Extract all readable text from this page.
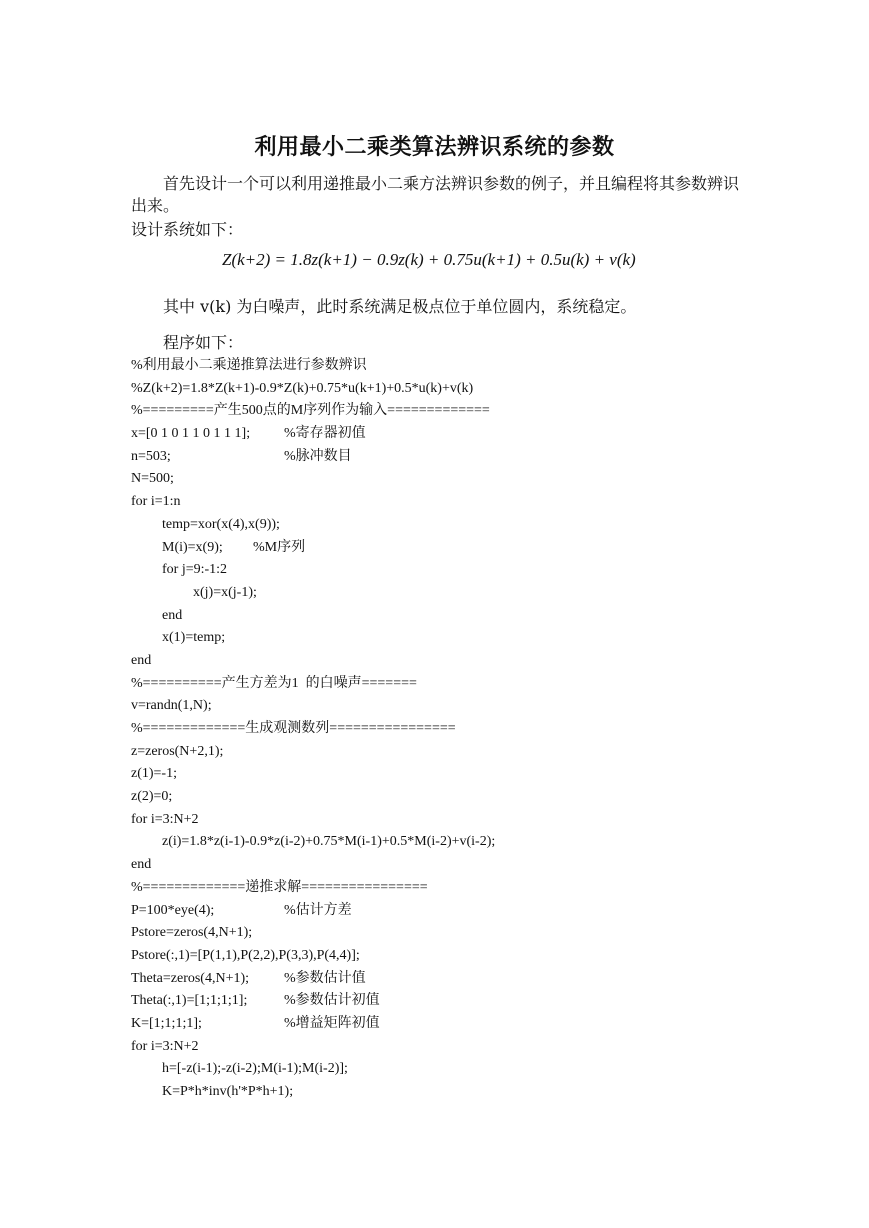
利用最小二乘类算法辨识系统的参数
首先设计一个可以利用递推最小二乘方法辨识参数的例子，并且编程将其参数辨识出来。
设计系统如下：
Z(k+2) = 1.8z(k+1) − 0.9z(k) + 0.75u(k+1) + 0.5u(k) + v(k)
其中 v(k) 为白噪声，此时系统满足极点位于单位圆内，系统稳定。
程序如下：
%利用最小二乘递推算法进行参数辨识
%Z(k+2)=1.8*Z(k+1)-0.9*Z(k)+0.75*u(k+1)+0.5*u(k)+v(k)
%=========产生500点的M序列作为输入=============
x=[0 1 0 1 1 0 1 1 1]; %寄存器初值
n=503;	%脉冲数目
N=500;
for i=1:n
temp=xor(x(4),x(9));
M(i)=x(9); %M序列
for j=9:-1:2
x(j)=x(j-1);
end
x(1)=temp;
end
%==========产生方差为1  的白噪声=======
v=randn(1,N);
%=============生成观测数列================
z=zeros(N+2,1);
z(1)=-1;
z(2)=0;
for i=3:N+2
z(i)=1.8*z(i-1)-0.9*z(i-2)+0.75*M(i-1)+0.5*M(i-2)+v(i-2);
end
%=============递推求解================
P=100*eye(4);	%估计方差
Pstore=zeros(4,N+1);
Pstore(:,1)=[P(1,1),P(2,2),P(3,3),P(4,4)];
Theta=zeros(4,N+1); %参数估计值
Theta(:,1)=[1;1;1;1];	%参数估计初值
K=[1;1;1;1];	%增益矩阵初值
for i=3:N+2
h=[-z(i-1);-z(i-2);M(i-1);M(i-2)];
K=P*h*inv(h'*P*h+1);
